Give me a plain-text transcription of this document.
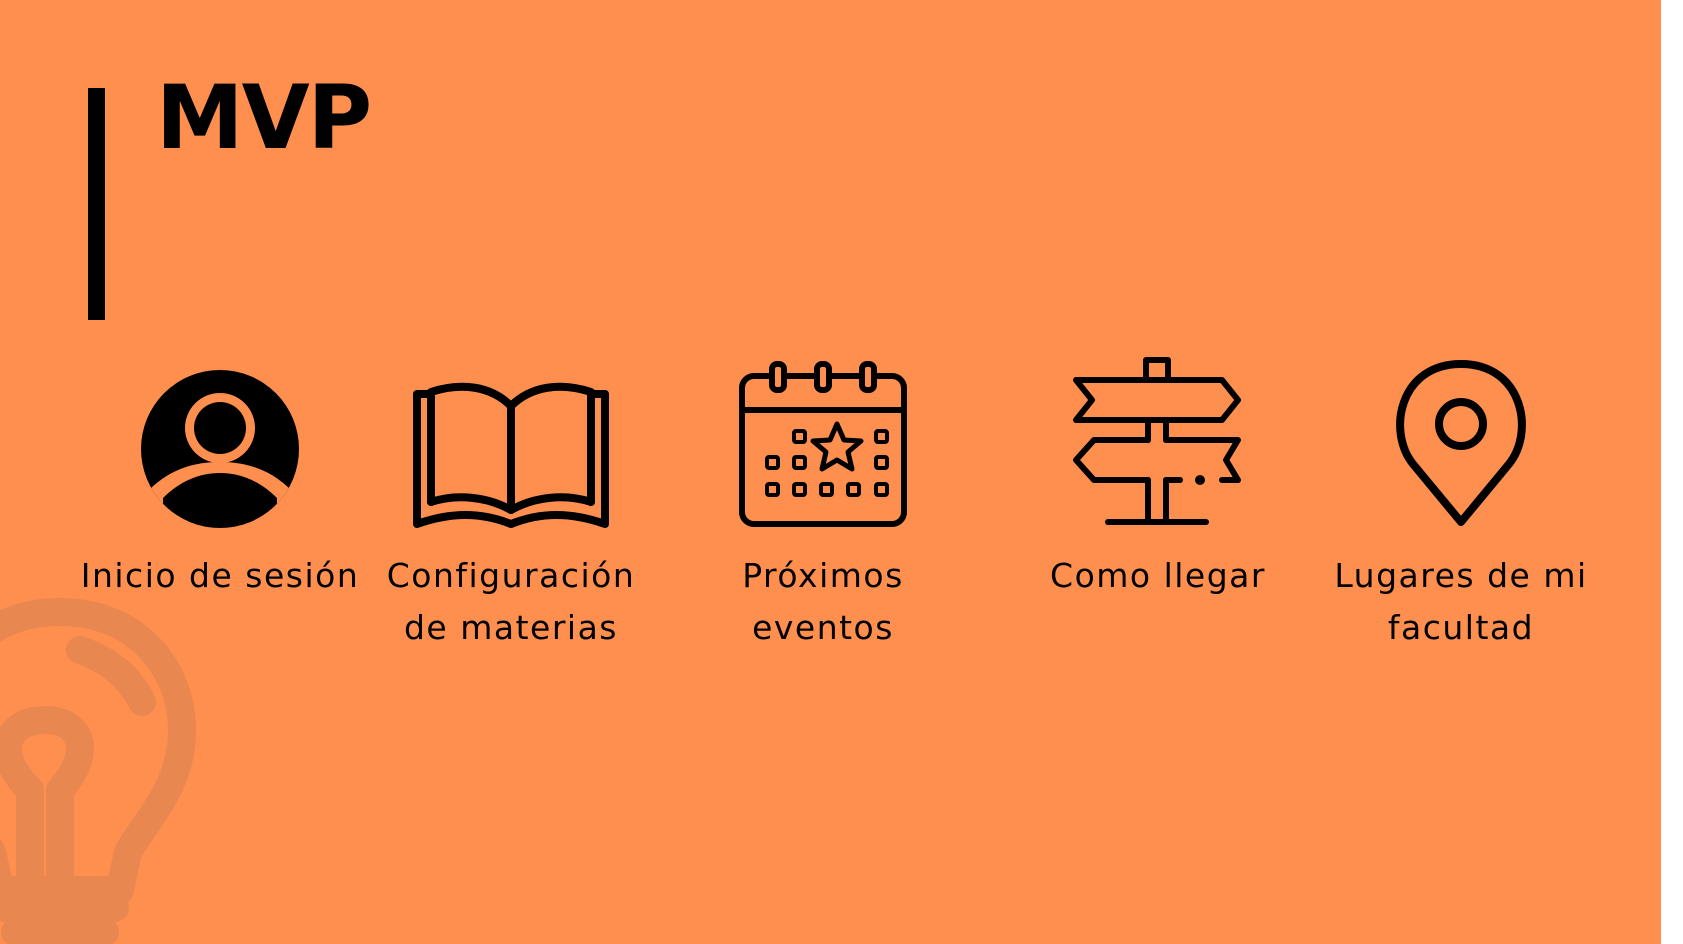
MVP
Inicio de sesión Configuración de materias
Próximos eventos
Como llegar	Lugares de mi facultad
